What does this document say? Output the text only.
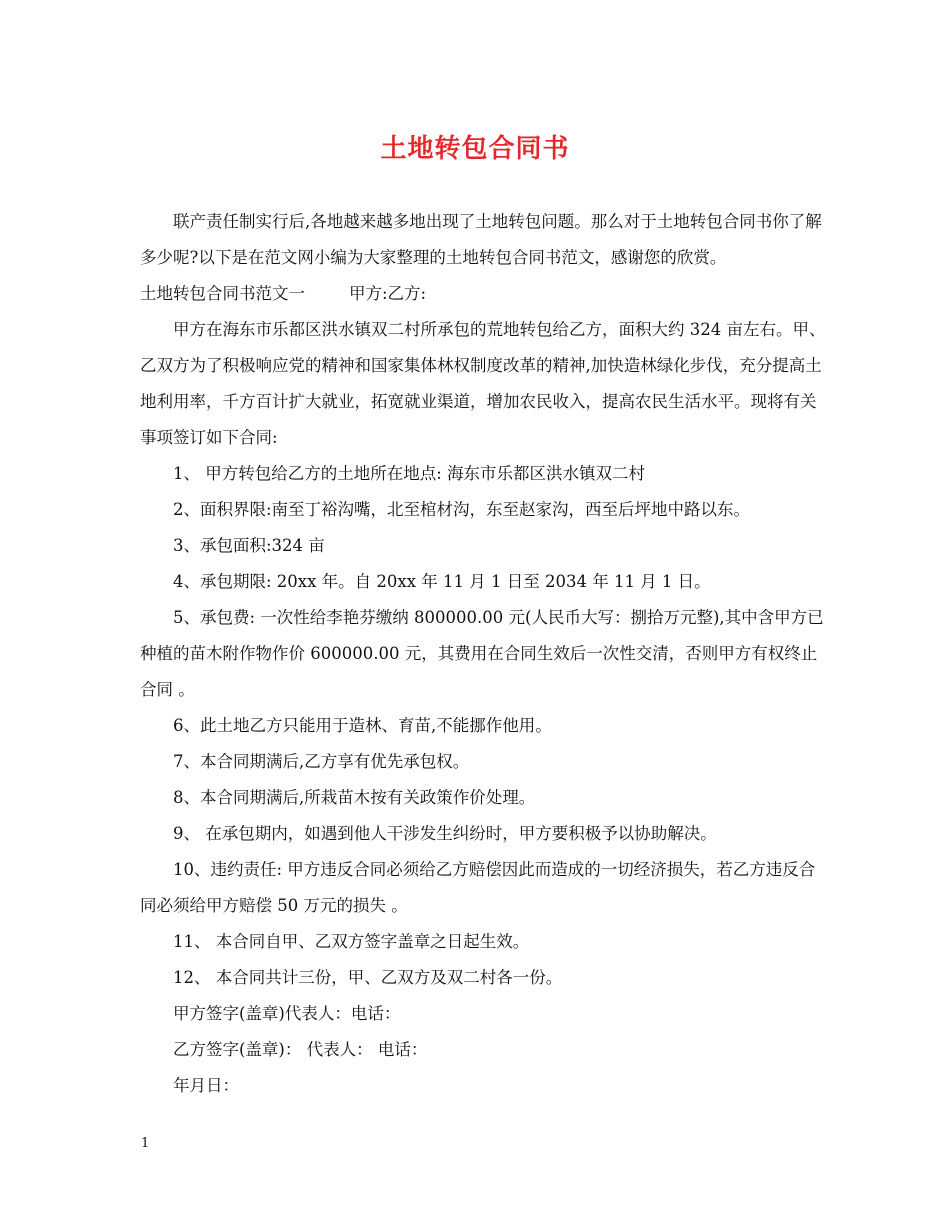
土地转包合同书

联产责任制实行后,各地越来越多地出现了土地转包问题。那么对于土地转包合同书你了解多少呢?以下是在范文网小编为大家整理的土地转包合同书范文，感谢您的欣赏。

土地转包合同书范文一	甲方:乙方:

甲方在海东市乐都区洪水镇双二村所承包的荒地转包给乙方，面积大约 324 亩左右。甲、乙双方为了积极响应党的精神和国家集体林权制度改革的精神,加快造林绿化步伐，充分提高土地利用率，千方百计扩大就业，拓宽就业渠道，增加农民收入，提高农民生活水平。现将有关事项签订如下合同:

1、 甲方转包给乙方的土地所在地点: 海东市乐都区洪水镇双二村

2、面积界限:南至丁裕沟嘴，北至棺材沟，东至赵家沟，西至后坪地中路以东。

3、承包面积:324 亩

4、承包期限: 20xx 年。自 20xx 年 11 月 1 日至 2034 年 11 月 1 日。

5、承包费: 一次性给李艳芬缴纳 800000.00 元(人民币大写：捌拾万元整),其中含甲方已种植的苗木附作物作价 600000.00 元，其费用在合同生效后一次性交清，否则甲方有权终止合同 。

6、此土地乙方只能用于造林、育苗,不能挪作他用。

7、本合同期满后,乙方享有优先承包权。

8、本合同期满后,所栽苗木按有关政策作价处理。

9、 在承包期内，如遇到他人干涉发生纠纷时，甲方要积极予以协助解决。

10、违约责任: 甲方违反合同必须给乙方赔偿因此而造成的一切经济损失，若乙方违反合同必须给甲方赔偿 50 万元的损失 。

11、 本合同自甲、乙双方签字盖章之日起生效。

12、 本合同共计三份，甲、乙双方及双二村各一份。

甲方签字(盖章)代表人：电话：

乙方签字(盖章)： 代表人： 电话：

年月日：

1
